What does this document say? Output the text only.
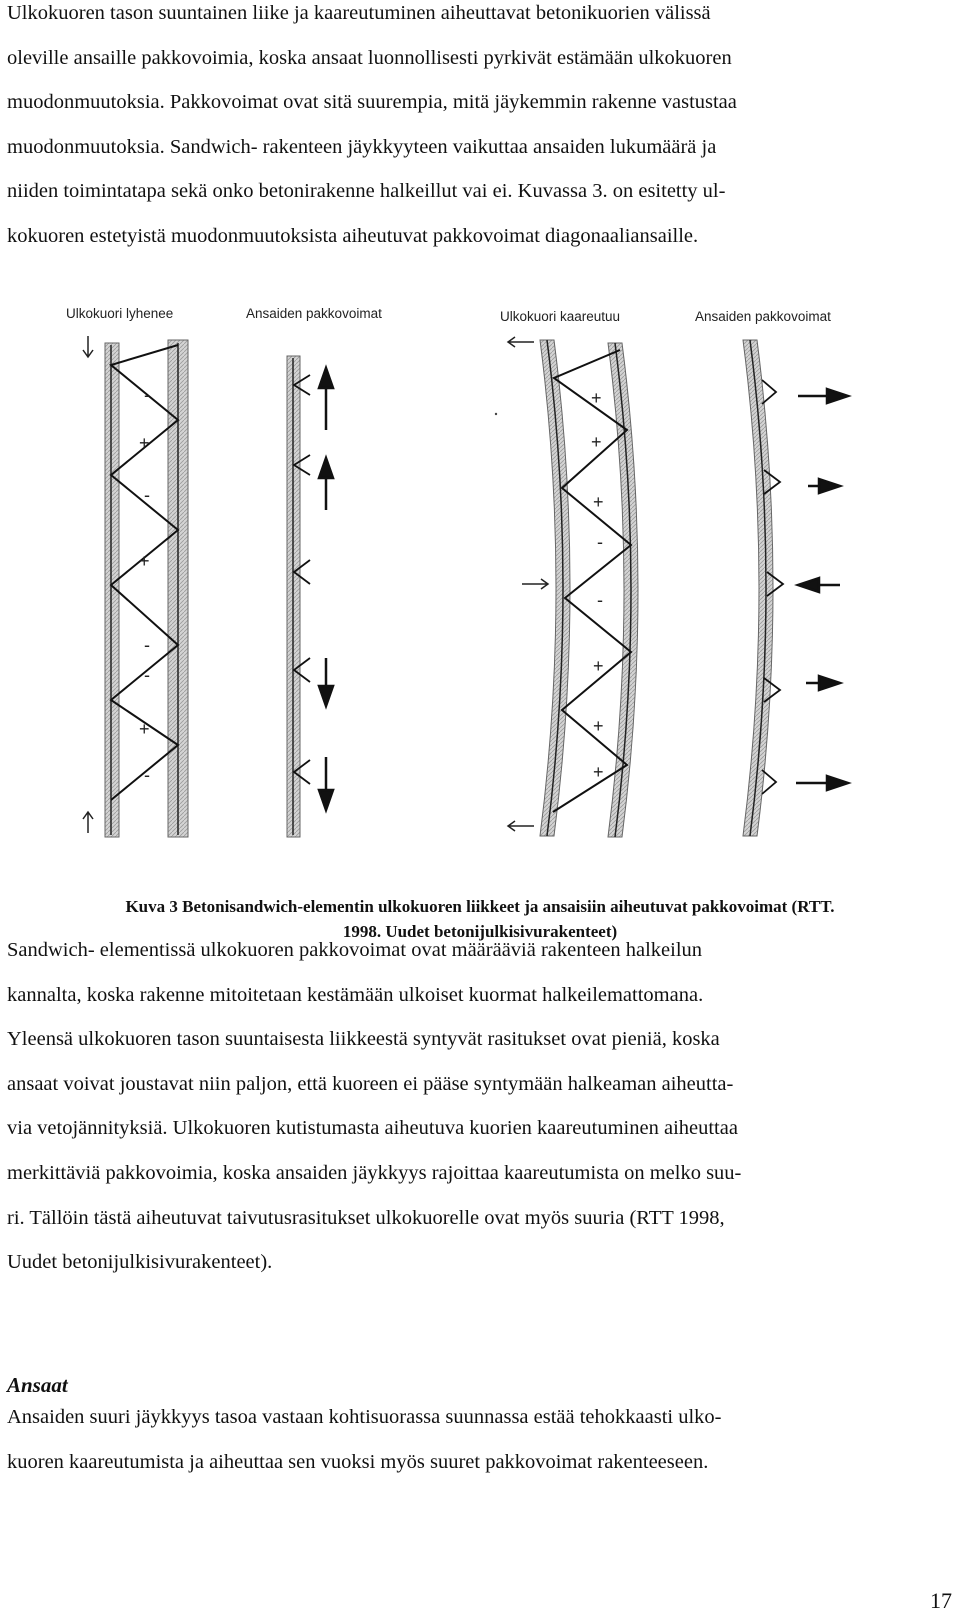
Ulkokuoren tason suuntainen liike ja kaareutuminen aiheuttavat betonikuorien välissä
oleville ansaille pakkovoimia, koska ansaat luonnollisesti pyrkivät estämään ulkokuoren
muodonmuutoksia. Pakkovoimat ovat sitä suurempia, mitä jäykemmin rakenne vastustaa
muodonmuutoksia. Sandwich- rakenteen jäykkyyteen vaikuttaa ansaiden lukumäärä ja
niiden toimintatapa sekä onko betonirakenne halkeillut vai ei. Kuvassa 3. on esitetty ul-
kokuoren estetyistä muodonmuutoksista aiheutuvat pakkovoimat diagonaaliansaille.

Ulkokuori lyhenee	Ansaiden pakkovoimat	Ulkokuori kaareutuu	Ansaiden pakkovoimat
-
+
-
+
-
-
+
-
+
+
+
-
-
+
+
+

Kuva 3 Betonisandwich-elementin ulkokuoren liikkeet ja ansaisiin aiheutuvat pakkovoimat (RTT.
1998. Uudet betonijulkisivurakenteet)

Sandwich- elementissä ulkokuoren pakkovoimat ovat määrääviä rakenteen halkeilun
kannalta, koska rakenne mitoitetaan kestämään ulkoiset kuormat halkeilemattomana.
Yleensä ulkokuoren tason suuntaisesta liikkeestä syntyvät rasitukset ovat pieniä, koska
ansaat voivat joustavat niin paljon, että kuoreen ei pääse syntymään halkeaman aiheutta-
via vetojännityksiä. Ulkokuoren kutistumasta aiheutuva kuorien kaareutuminen aiheuttaa
merkittäviä pakkovoimia, koska ansaiden jäykkyys rajoittaa kaareutumista on melko suu-
ri. Tällöin tästä aiheutuvat taivutusrasitukset ulkokuorelle ovat myös suuria (RTT 1998,
Uudet betonijulkisivurakenteet).

Ansaat

Ansaiden suuri jäykkyys tasoa vastaan kohtisuorassa suunnassa estää tehokkaasti ulko-
kuoren kaareutumista ja aiheuttaa sen vuoksi myös suuret pakkovoimat rakenteeseen.

17
